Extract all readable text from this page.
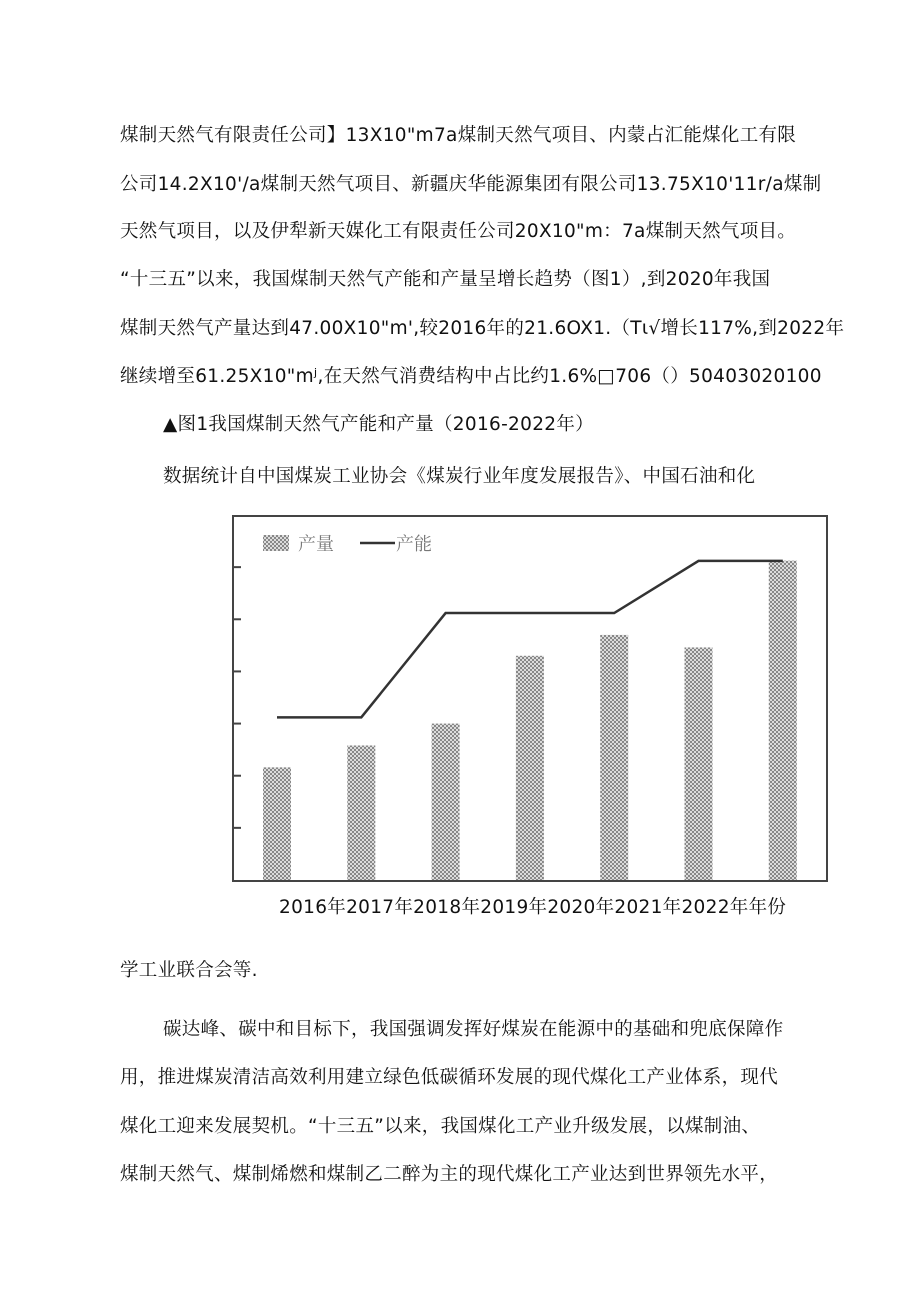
煤制天然气有限责任公司】13X10"m7a煤制天然气项目、内蒙占汇能煤化工有限
公司14.2X10'∕a煤制天然气项目、新疆庆华能源集团有限公司13.75X10'11r∕a煤制
天然气项目，以及伊犁新天媒化工有限责任公司20X10"m：7a煤制天然气项目。
“十三五”以来，我国煤制天然气产能和产量呈增长趋势（图1）,到2020年我国
煤制天然气产量达到47.00X10"m',较2016年的21.6OX1.（Tι√增长117%,到2022年
继续增至61.25X10"mʲ,在天然气消费结构中占比约1.6%□706（）50403020100
▲图1我国煤制天然气产能和产量（2016-2022年）
数据统计自中国煤炭工业协会《煤炭行业年度发展报告》、中国石油和化
产量	产能
2016年2017年2018年2019年2020年2021年2022年年份
学工业联合会等.
碳达峰、碳中和目标下，我国强调发挥好煤炭在能源中的基础和兜底保障作
用，推进煤炭清洁高效利用建立绿色低碳循环发展的现代煤化工产业体系，现代
煤化工迎来发展契机。“十三五”以来，我国煤化工产业升级发展，以煤制油、
煤制天然气、煤制烯燃和煤制乙二醉为主的现代煤化工产业达到世界领先水平，
